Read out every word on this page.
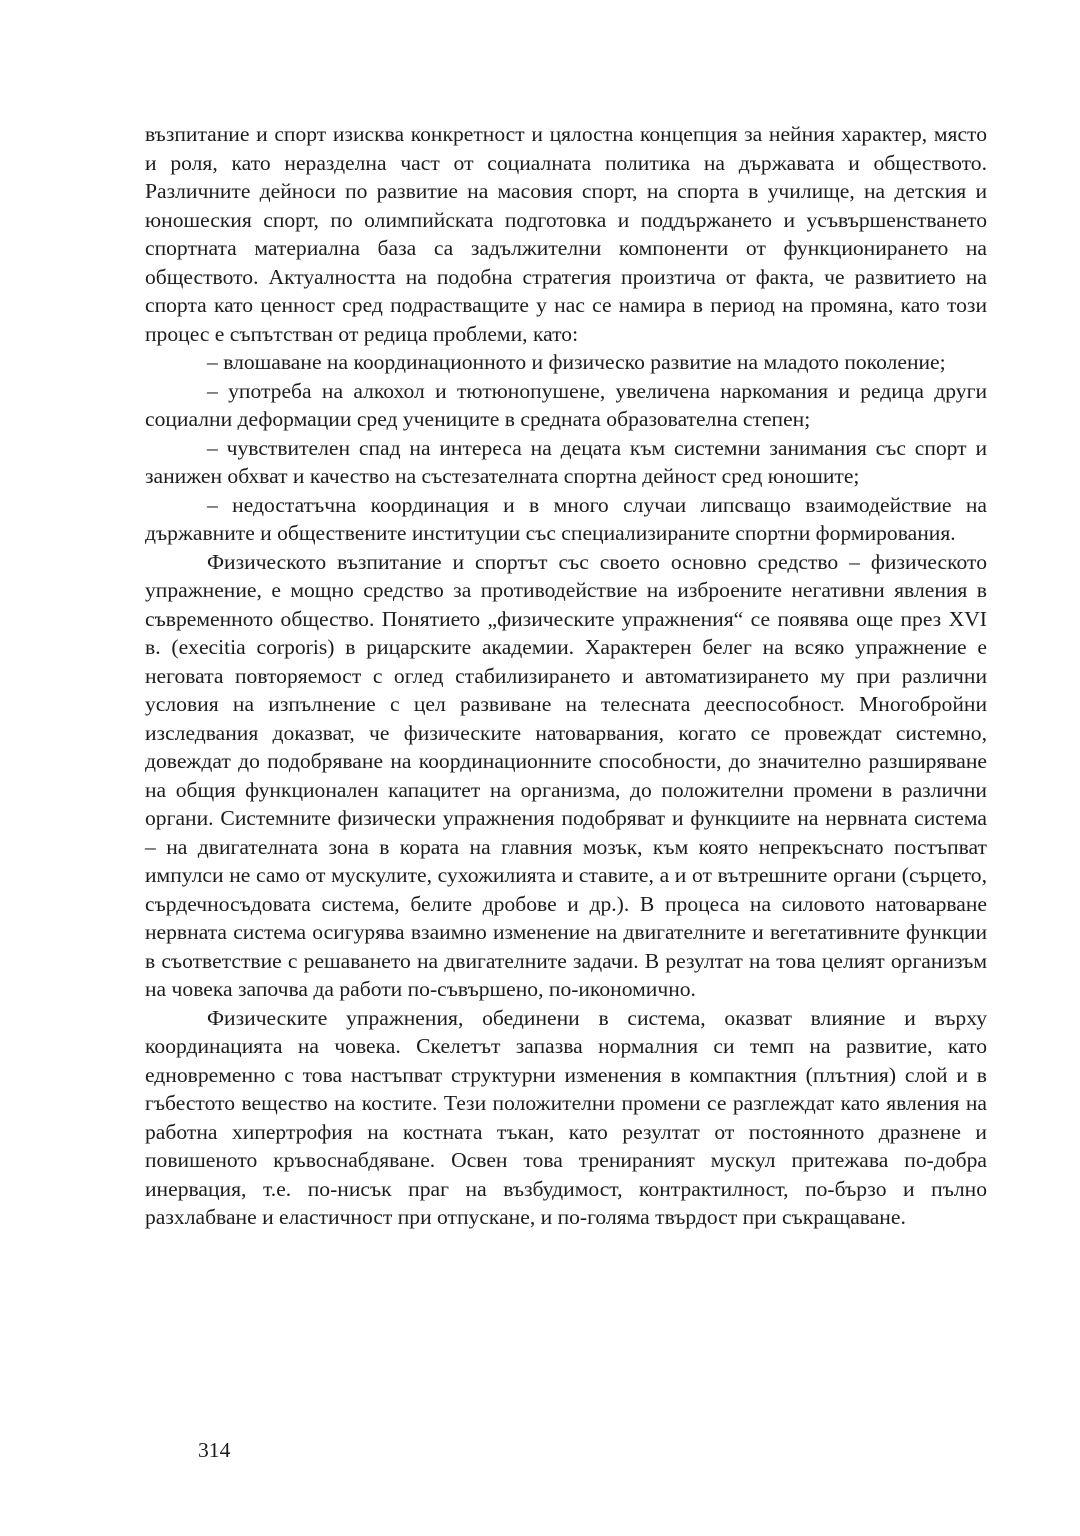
възпитание и спорт изисква конкретност и цялостна концепция за нейния характер, място и роля, като неразделна част от социалната политика на държавата и обществото. Различните дейноси по развитие на масовия спорт, на спорта в училище, на детския и юношеския спорт, по олимпийската подготовка и поддържането и усъвършенстването спортната материална база са задължителни компоненти от функционирането на обществото. Актуалността на подобна стратегия произтича от факта, че развитието на спорта като ценност сред подрастващите у нас се намира в период на промяна, като този процес е съпътстван от редица проблеми, като:

– влошаване на координационното и физическо развитие на младото поколение;

– употреба на алкохол и тютюнопушене, увеличена наркомания и редица други социални деформации сред учениците в средната образователна степен;

– чувствителен спад на интереса на децата към системни занимания със спорт и занижен обхват и качество на състезателната спортна дейност сред юношите;

– недостатъчна координация и в много случаи липсващо взаимодействие на държавните и обществените институции със специализираните спортни формирования.

Физическото възпитание и спортът със своето основно средство – физическото упражнение, е мощно средство за противодействие на изброените негативни явления в съвременното общество. Понятието „физическите упражнения“ се появява още през XVI в. (execitia corporis) в рицарските академии. Характерен белег на всяко упражнение е неговата повторяемост с оглед стабилизирането и автоматизирането му при различни условия на изпълнение с цел развиване на телесната дееспособност. Многобройни изследвания доказват, че физическите натоварвания, когато се провеждат системно, довеждат до подобряване на координационните способности, до значително разширяване на общия функционален капацитет на организма, до положителни промени в различни органи. Системните физически упражнения подобряват и функциите на нервната система – на двигателната зона в кората на главния мозък, към която непрекъснато постъпват импулси не само от мускулите, сухожилията и ставите, а и от вътрешните органи (сърцето, сърдечносъдовата система, белите дробове и др.). В процеса на силовото натоварване нервната система осигурява взаимно изменение на двигателните и вегетативните функции в съответствие с решаването на двигателните задачи. В резултат на това целият организъм на човека започва да работи по-съвършено, по-икономично.

Физическите упражнения, обединени в система, оказват влияние и върху координацията на човека. Скелетът запазва нормалния си темп на развитие, като едновременно с това настъпват структурни изменения в компактния (плътния) слой и в гъбестото вещество на костите. Тези положителни промени се разглеждат като явления на работна хипертрофия на костната тъкан, като резултат от постоянното дразнене и повишеното кръвоснабдяване. Освен това тренираният мускул притежава по-добра инервация, т.е. по-нисък праг на възбудимост, контрактилност, по-бързо и пълно разхлабване и еластичност при отпускане, и по-голяма твърдост при съкращаване.

314
